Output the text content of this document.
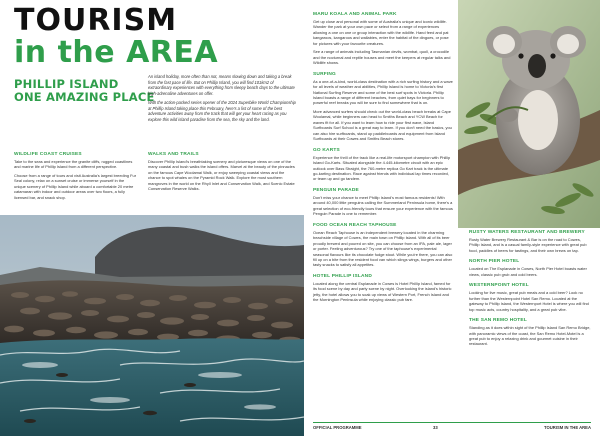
TOURISM
in the AREA
PHILLIP ISLAND
ONE AMAZING PLACE

An island holiday, more often than not, means slowing down and taking a break from the fast pace of life. But on Phillip Island, you will find 101km2 of extraordinary experiences with everything from sleepy beach days to the ultimate high-adrenaline adventures on offer.

With the action-packed series opener of the 2024 Superbike World Championship at Phillip Island taking place this February, here's a list of some of the best adventure activities away from the track that will get your heart racing as you explore this wild island paradise from the sea, the sky and the land.

WILDLIFE COAST CRUISES

Take to the seas and experience the granite cliffs, rugged coastlines and marine life of Phillip Island from a different perspective.

Choose from a range of tours and visit Australia's largest breeding Fur Seal colony, relax on a sunset cruise or immerse yourself in the unique scenery of Phillip Island while aboard a comfortable 20 metre catamaran with indoor and outdoor areas over two floors, a fully licensed bar, and snack shop.

WALKS AND TRAILS

Discover Phillip Island's breathtaking scenery and picturesque views on one of the many coastal and bush walks the island offers. Marvel at the beauty of the pinnacles on the famous Cape Woolamai Walk, or enjoy sweeping coastal views and the chance to spot whales on the Pyramid Rock Walk. Explore the most southern mangroves in the world on the Rhyll Inlet and Conservation Walk, and Scenic Estate Conservation Reserve Walks.

MARU KOALA AND ANIMAL PARK

Get up close and personal with some of Australia's unique and iconic wildlife. Wander the park at your own pace or select from a range of experiences allowing a one on one or group interaction with the wildlife. Hand feed and pat kangaroos, kangaroos and wallabies, enter the habitat of the dingoes, or pose for pictures with your favourite creatures.

See a range of animals including Tasmanian devils, wombat, quoll, a crocodile and the nocturnal and reptile houses and meet the keepers at regular talks and Wildlife shows.

SURFING

As a one-of-a-kind, world-class destination with a rich surfing history and a wave for all levels of weather and abilities, Phillip Island is home to Victoria's first National Surfing Reserve and some of the best surf spots in Victoria. Phillip Island boasts a range of different beaches, from quiet bays for beginners to powerful reef breaks you will be sure to find somewhere that is on.

More advanced surfers should check out the world-class beach breaks at Cape Woolamai, while beginners can head to Smiths Beach and YCW Beach for waves fit for all. If you want to learn how to ride your first wave, Island Surfboards Surf School is a great way to learn. If you don't need the basics, you can also hire surfboards, stand up paddleboards and equipment from Island Surfboards at their Cowes and Smiths Beach stores.

GO KARTS

Experience the thrill of the track like a real-life motorsport champion with Phillip Island Go-Karts. Situated alongside the 4.445-kilometre circuit with an epic outlook over Bass Straight, the 760-metre replica Go Kart track is the ultimate go-karting destination. Race against friends with individual lap times recorded, or team up and go tandem.

PENGUIN PARADE

Don't miss your chance to meet Phillip Island's most famous residents! With around 40,000 little penguins calling the Summerland Peninsula home, there's a great selection of eco-friendly tours that ensure your experience with the famous Penguin Parade is one to remember.

FOOD OCEAN REACH TAPHOUSE

Ocean Reach Taphouse is an independent brewery located in the charming beachside village of Cowes, the main town on Phillip Island. With all of its beer proudly brewed and poured on site, you can choose from an IPA, pale ale, lager or porter. Feeling adventurous? Try one of the taphouse's experimental seasonal flavours like its chocolate fudge stout. While you're there, you can also fill up on a bite from the resident food van which slings wings, burgers and other tasty snacks to satisfy all appetites.

HOTEL PHILLIP ISLAND

Located along the central Esplanade in Cowes is Hotel Phillip Island, famed for its food scene by day and party scene by night. Overlooking the island's historic jetty, the hotel allows you to soak up views of Western Port, French Island and the Mornington Peninsula while enjoying classic pub fare.

RUSTY WATERS RESTAURANT AND BREWERY

Rusty Water Brewery Restaurant & Bar is on the road to Cowes, Phillip Island, and is a casual family-style experience with great pub food, paddles of beers for tastings, and their own brews on tap.

NORTH PIER HOTEL

Located on The Esplanade in Cowes, North Pier Hotel boasts water views, classic pub grub and cold beers.

WESTERNPOINT HOTEL

Looking for live music, great pub meals and a cold beer? Look no further than the Westernpoint Hotel San Remo. Located at the gateway to Phillip Island, the Westernport Hotel is where you will find top music acts, country hospitality, and a great pub vibe.

THE SAN REMO HOTEL

Standing as it does within sight of the Phillip Island San Remo Bridge, with panoramic views of the coast, the San Remo Hotel-Motel is a great pub to enjoy a relaxing drink and gourmet cuisine in their restaurant.

OFFICIAL PROGRAMME	33	TOURISM IN THE AREA
